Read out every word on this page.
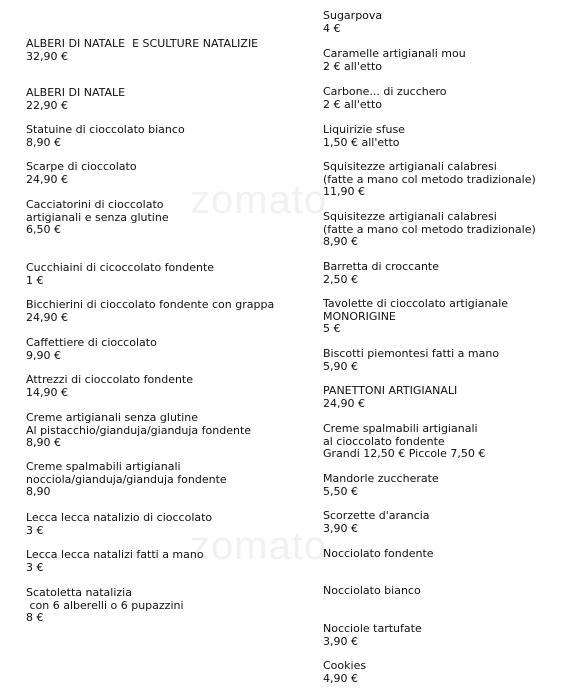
zomato
zomato
ALBERI DI NATALE  E SCULTURE NATALIZIE
32,90 €
ALBERI DI NATALE
22,90 €
Statuine di cioccolato bianco
8,90 €
Scarpe di cioccolato
24,90 €
Cacciatorini di cioccolato
artigianali e senza glutine
6,50 €
Cucchiaini di cicoccolato fondente
1 €
Bicchierini di cioccolato fondente con grappa
24,90 €
Caffettiere di cioccolato
9,90 €
Attrezzi di cioccolato fondente
14,90 €
Creme artigianali senza glutine
Al pistacchio/gianduja/gianduja fondente
8,90 €
Creme spalmabili artigianali
nocciola/gianduja/gianduja fondente
8,90
Lecca lecca natalizio di cioccolato
3 €
Lecca lecca natalizi fatti a mano
3 €
Scatoletta natalizia
con 6 alberelli o 6 pupazzini
8 €
Sugarpova
4 €
Caramelle artigianali mou
2 € all'etto
Carbone... di zucchero
2 € all'etto
Liquirizie sfuse
1,50 € all'etto
Squisitezze artigianali calabresi
(fatte a mano col metodo tradizionale)
11,90 €
Squisitezze artigianali calabresi
(fatte a mano col metodo tradizionale)
8,90 €
Barretta di croccante
2,50 €
Tavolette di cioccolato artigianale
MONORIGINE
5 €
Biscotti piemontesi fatti a mano
5,90 €
PANETTONI ARTIGIANALI
24,90 €
Creme spalmabili artigianali
al cioccolato fondente
Grandi 12,50 € Piccole 7,50 €
Mandorle zuccherate
5,50 €
Scorzette d'arancia
3,90 €
Nocciolato fondente
Nocciolato bianco
Nocciole tartufate
3,90 €
Cookies
4,90 €
